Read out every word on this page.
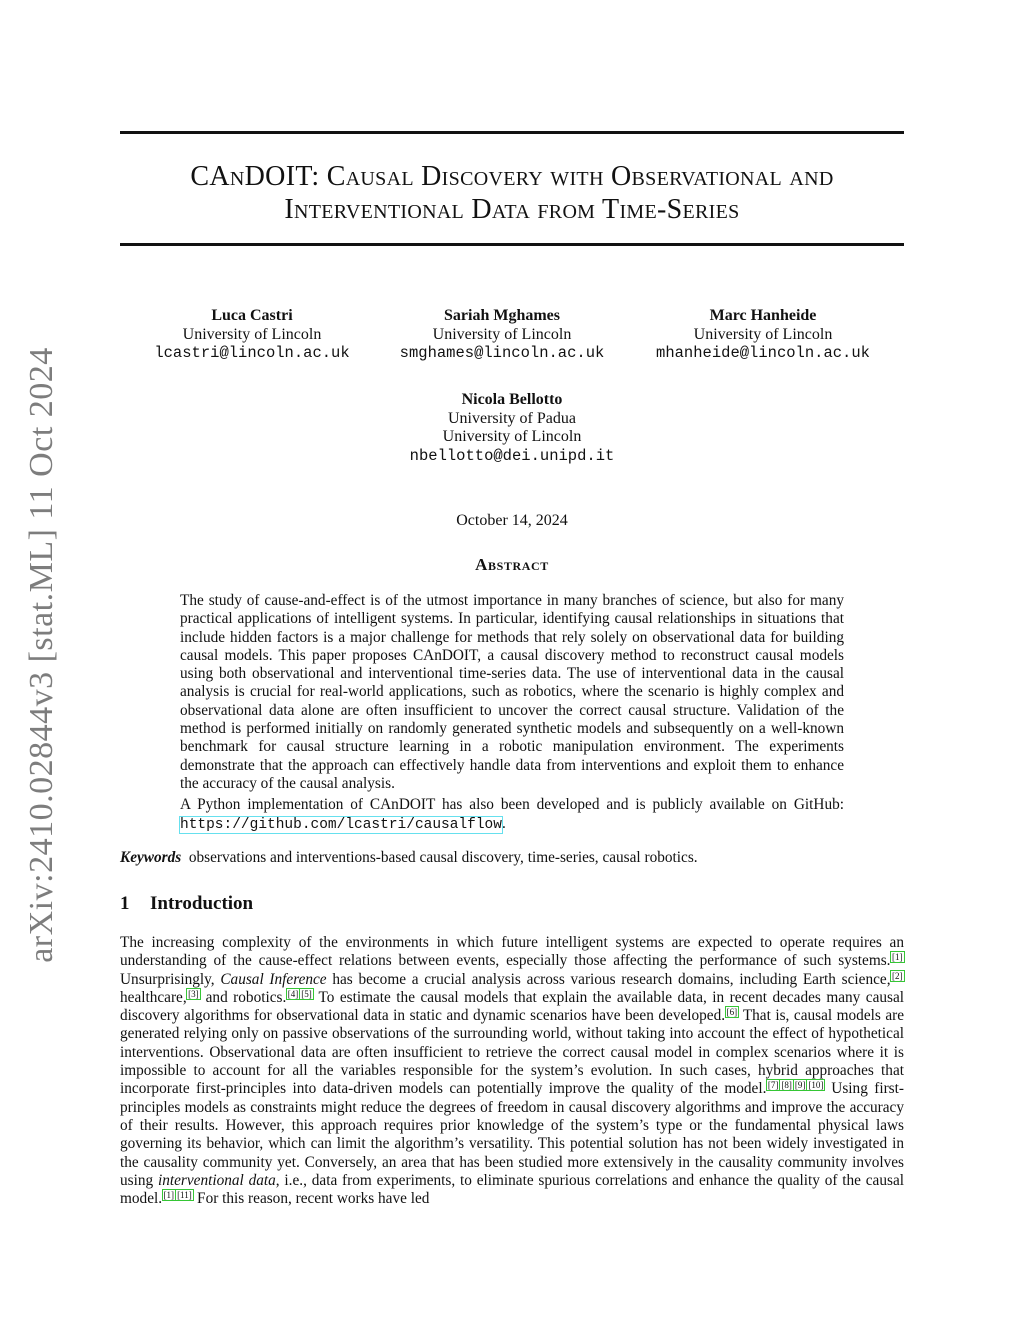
arXiv:2410.02844v3 [stat.ML] 11 Oct 2024
CAnDOIT: Causal Discovery with Observational and
Interventional Data from Time-Series
Luca Castri
University of Lincoln
lcastri@lincoln.ac.uk
Sariah Mghames
University of Lincoln
smghames@lincoln.ac.uk
Marc Hanheide
University of Lincoln
mhanheide@lincoln.ac.uk
Nicola Bellotto
University of Padua
University of Lincoln
nbellotto@dei.unipd.it
October 14, 2024
Abstract

The study of cause-and-effect is of the utmost importance in many branches of science, but also for many practical applications of intelligent systems. In particular, identifying causal relationships in situations that include hidden factors is a major challenge for methods that rely solely on observational data for building causal models. This paper proposes CAnDOIT, a causal discovery method to reconstruct causal models using both observational and interventional time-series data. The use of interventional data in the causal analysis is crucial for real-world applications, such as robotics, where the scenario is highly complex and observational data alone are often insufficient to uncover the correct causal structure. Validation of the method is performed initially on randomly generated synthetic models and subsequently on a well-known benchmark for causal structure learning in a robotic manipulation environment. The experiments demonstrate that the approach can effectively handle data from interventions and exploit them to enhance the accuracy of the causal analysis.

A Python implementation of CAnDOIT has also been developed and is publicly available on GitHub: https://github.com/lcastri/causalflow.

Keywords observations and interventions-based causal discovery, time-series, causal robotics.
1 Introduction

The increasing complexity of the environments in which future intelligent systems are expected to operate requires an understanding of the cause-effect relations between events, especially those affecting the performance of such systems. [1] Unsurprisingly, Causal Inference has become a crucial analysis across various research domains, including Earth science, [2] healthcare, [3] and robotics. [4] [5] To estimate the causal models that explain the available data, in recent decades many causal discovery algorithms for observational data in static and dynamic scenarios have been developed. [6] That is, causal models are generated relying only on passive observations of the surrounding world, without taking into account the effect of hypothetical interventions. Observational data are often insufficient to retrieve the correct causal model in complex scenarios where it is impossible to account for all the variables responsible for the system’s evolution. In such cases, hybrid approaches that incorporate first-principles into data-driven models can potentially improve the quality of the model. [7] [8] [9] [10] Using first-principles models as constraints might reduce the degrees of freedom in causal discovery algorithms and improve the accuracy of their results. However, this approach requires prior knowledge of the system’s type or the fundamental physical laws governing its behavior, which can limit the algorithm’s versatility. This potential solution has not been widely investigated in the causality community yet. Conversely, an area that has been studied more extensively in the causality community involves using interventional data, i.e., data from experiments, to eliminate spurious correlations and enhance the quality of the causal model. [1] [11] For this reason, recent works have led
